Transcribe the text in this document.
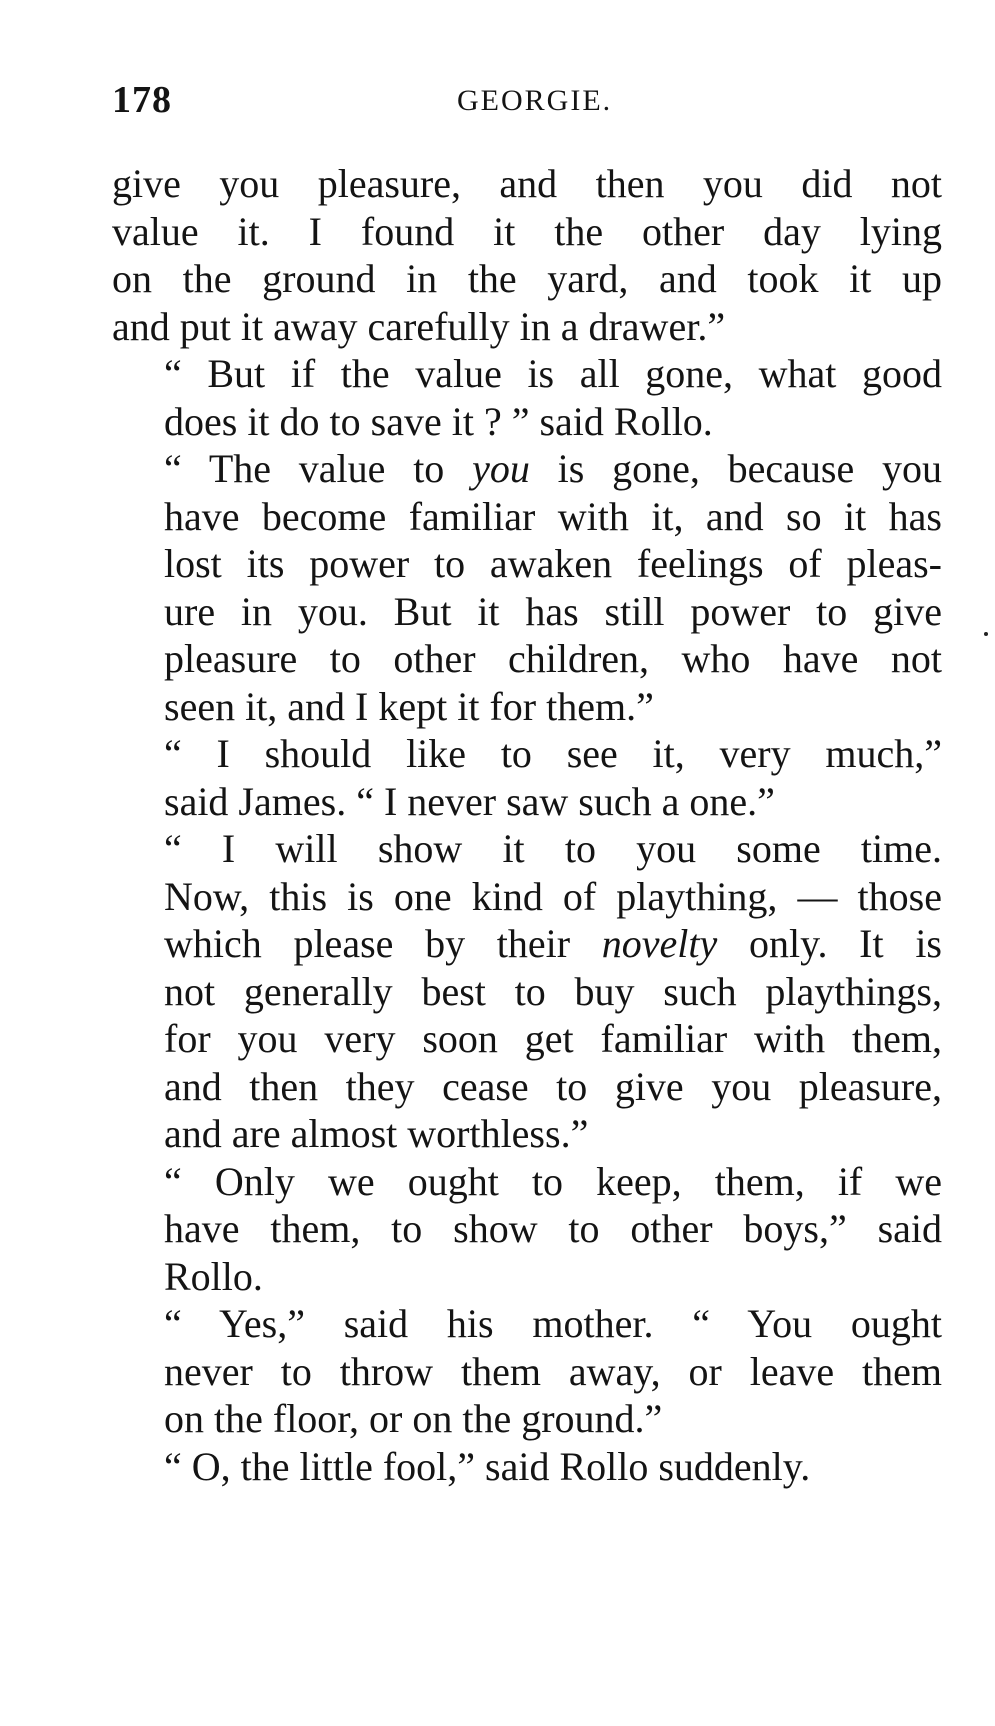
178	GEORGIE.

give you pleasure, and then you did not
value it. I found it the other day lying
on the ground in the yard, and took it up
and put it away carefully in a drawer.”

“ But if the value is all gone, what good
does it do to save it ? ” said Rollo.

“ The value to you is gone, because you
have become familiar with it, and so it has
lost its power to awaken feelings of pleas-
ure in you. But it has still power to give
pleasure to other children, who have not
seen it, and I kept it for them.”

“ I should like to see it, very much,”
said James. “ I never saw such a one.”

“ I will show it to you some time.
Now, this is one kind of plaything, — those
which please by their novelty only. It is
not generally best to buy such playthings,
for you very soon get familiar with them,
and then they cease to give you pleasure,
and are almost worthless.”

“ Only we ought to keep, them, if we
have them, to show to other boys,” said
Rollo.

“ Yes,” said his mother. “ You ought
never to throw them away, or leave them
on the floor, or on the ground.”

“ O, the little fool,” said Rollo suddenly.
